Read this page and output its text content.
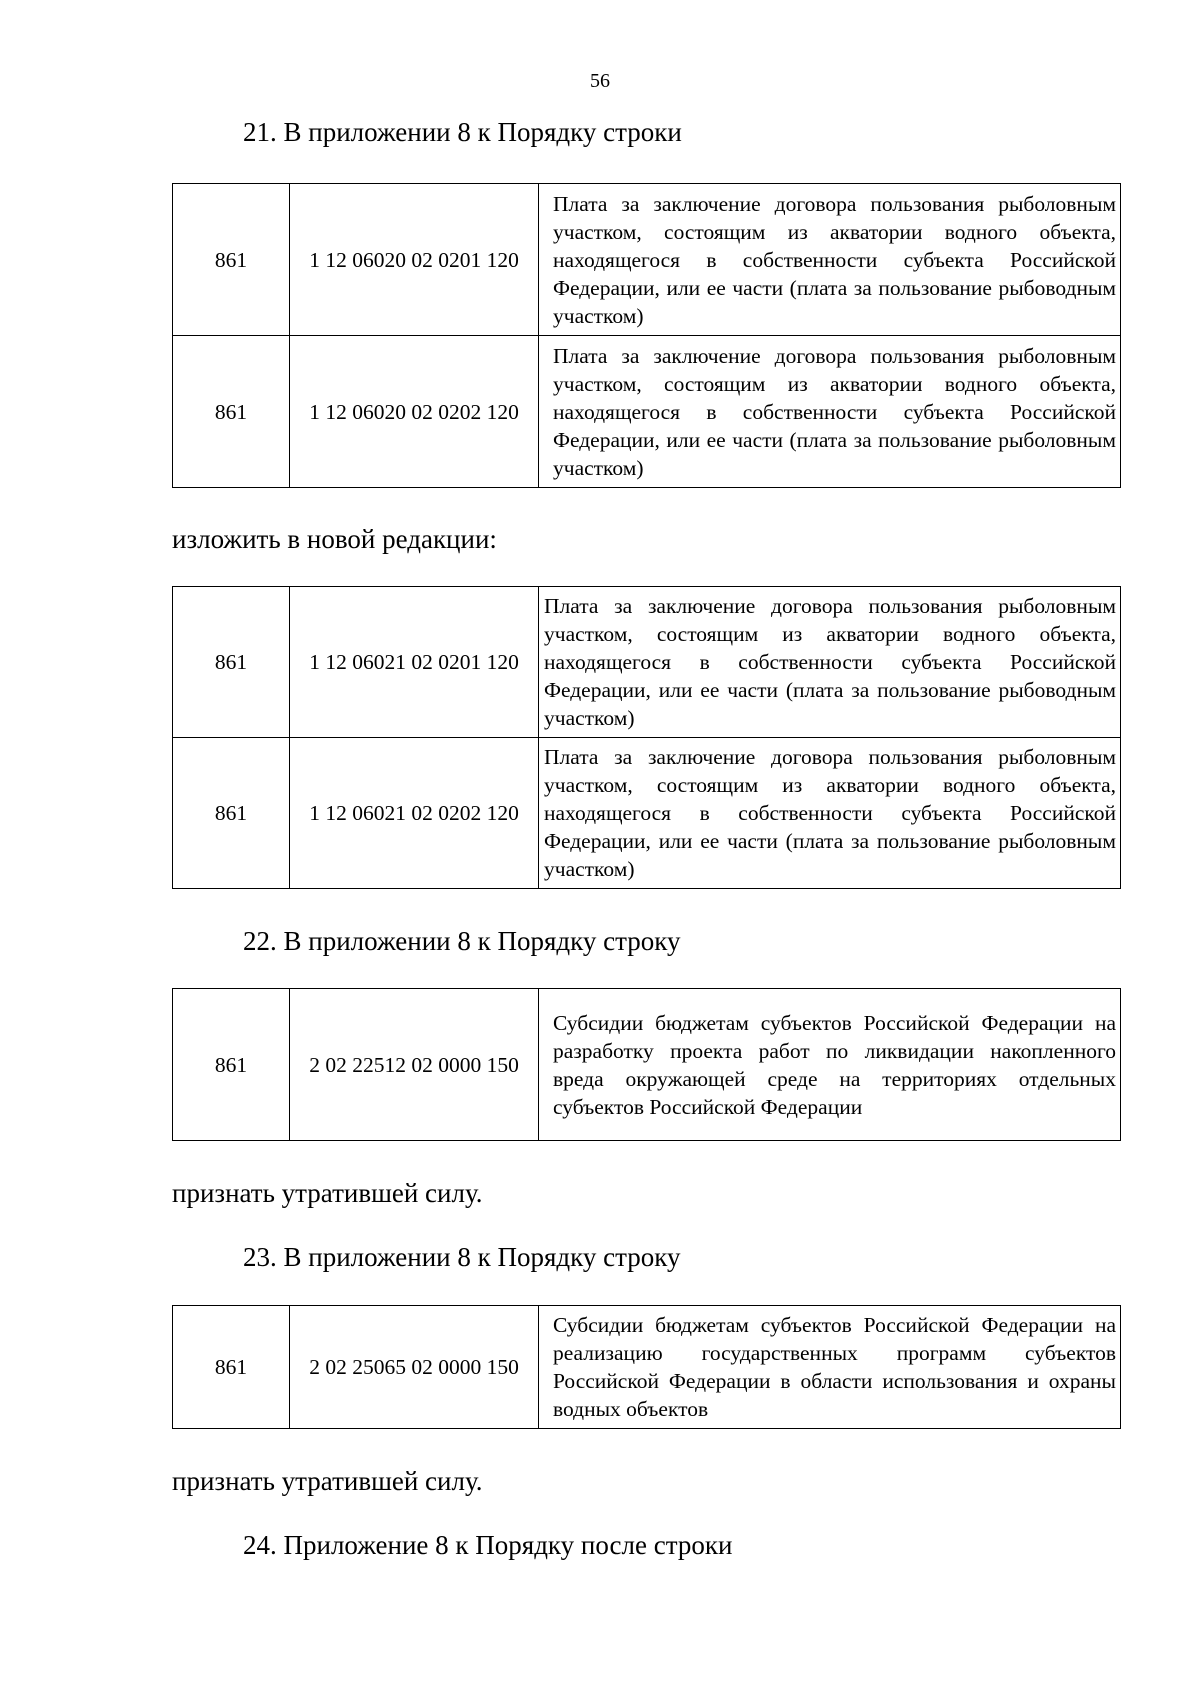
56
21. В приложении 8 к Порядку строки
861	1 12 06020 02 0201 120	Плата за заключение договора пользования рыболовным участком, состоящим из акватории водного объекта, находящегося в собственности субъекта Российской Федерации, или ее части (плата за пользование рыбоводным участком)
861	1 12 06020 02 0202 120	Плата за заключение договора пользования рыболовным участком, состоящим из акватории водного объекта, находящегося в собственности субъекта Российской Федерации, или ее части (плата за пользование рыболовным участком)
изложить в новой редакции:
861	1 12 06021 02 0201 120	Плата за заключение договора пользования рыболовным участком, состоящим из акватории водного объекта, находящегося в собственности субъекта Российской Федерации, или ее части (плата за пользование рыбоводным участком)
861	1 12 06021 02 0202 120	Плата за заключение договора пользования рыболовным участком, состоящим из акватории водного объекта, находящегося в собственности субъекта Российской Федерации, или ее части (плата за пользование рыболовным участком)
22. В приложении 8 к Порядку строку
861	2 02 22512 02 0000 150	Субсидии бюджетам субъектов Российской Федерации на разработку проекта работ по ликвидации накопленного вреда окружающей среде на территориях отдельных субъектов Российской Федерации
признать утратившей силу.
23. В приложении 8 к Порядку строку
861	2 02 25065 02 0000 150	Субсидии бюджетам субъектов Российской Федерации на реализацию государственных программ субъектов Российской Федерации в области использования и охраны водных объектов
признать утратившей силу.
24. Приложение 8 к Порядку после строки
